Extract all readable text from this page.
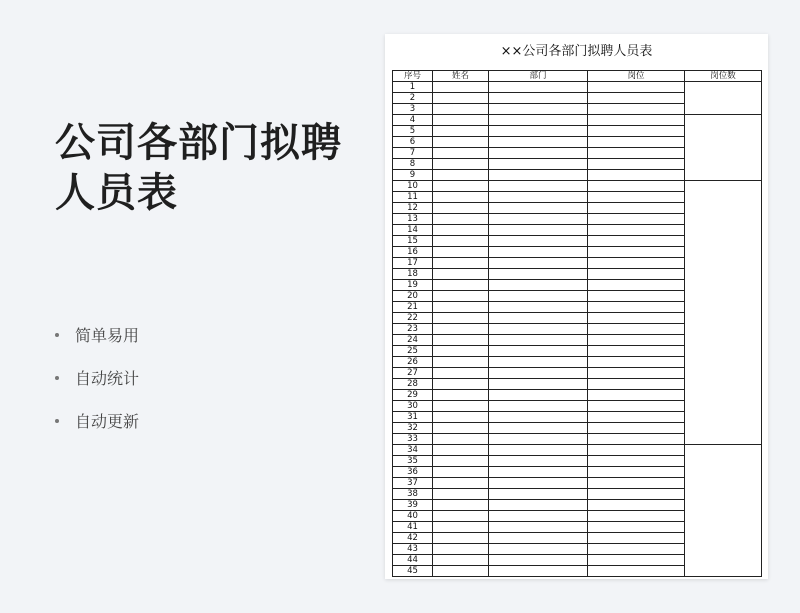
公司各部门拟聘
人员表
简单易用
自动统计
自动更新
××公司各部门拟聘人员表
序号	姓名	部门	岗位	岗位数
1				
2				
3				
4				
5				
6				
7				
8				
9				
10				
11				
12				
13				
14				
15				
16				
17				
18				
19				
20				
21				
22				
23				
24				
25				
26				
27				
28				
29				
30				
31				
32				
33				
34				
35				
36				
37				
38				
39				
40				
41				
42				
43				
44				
45				
